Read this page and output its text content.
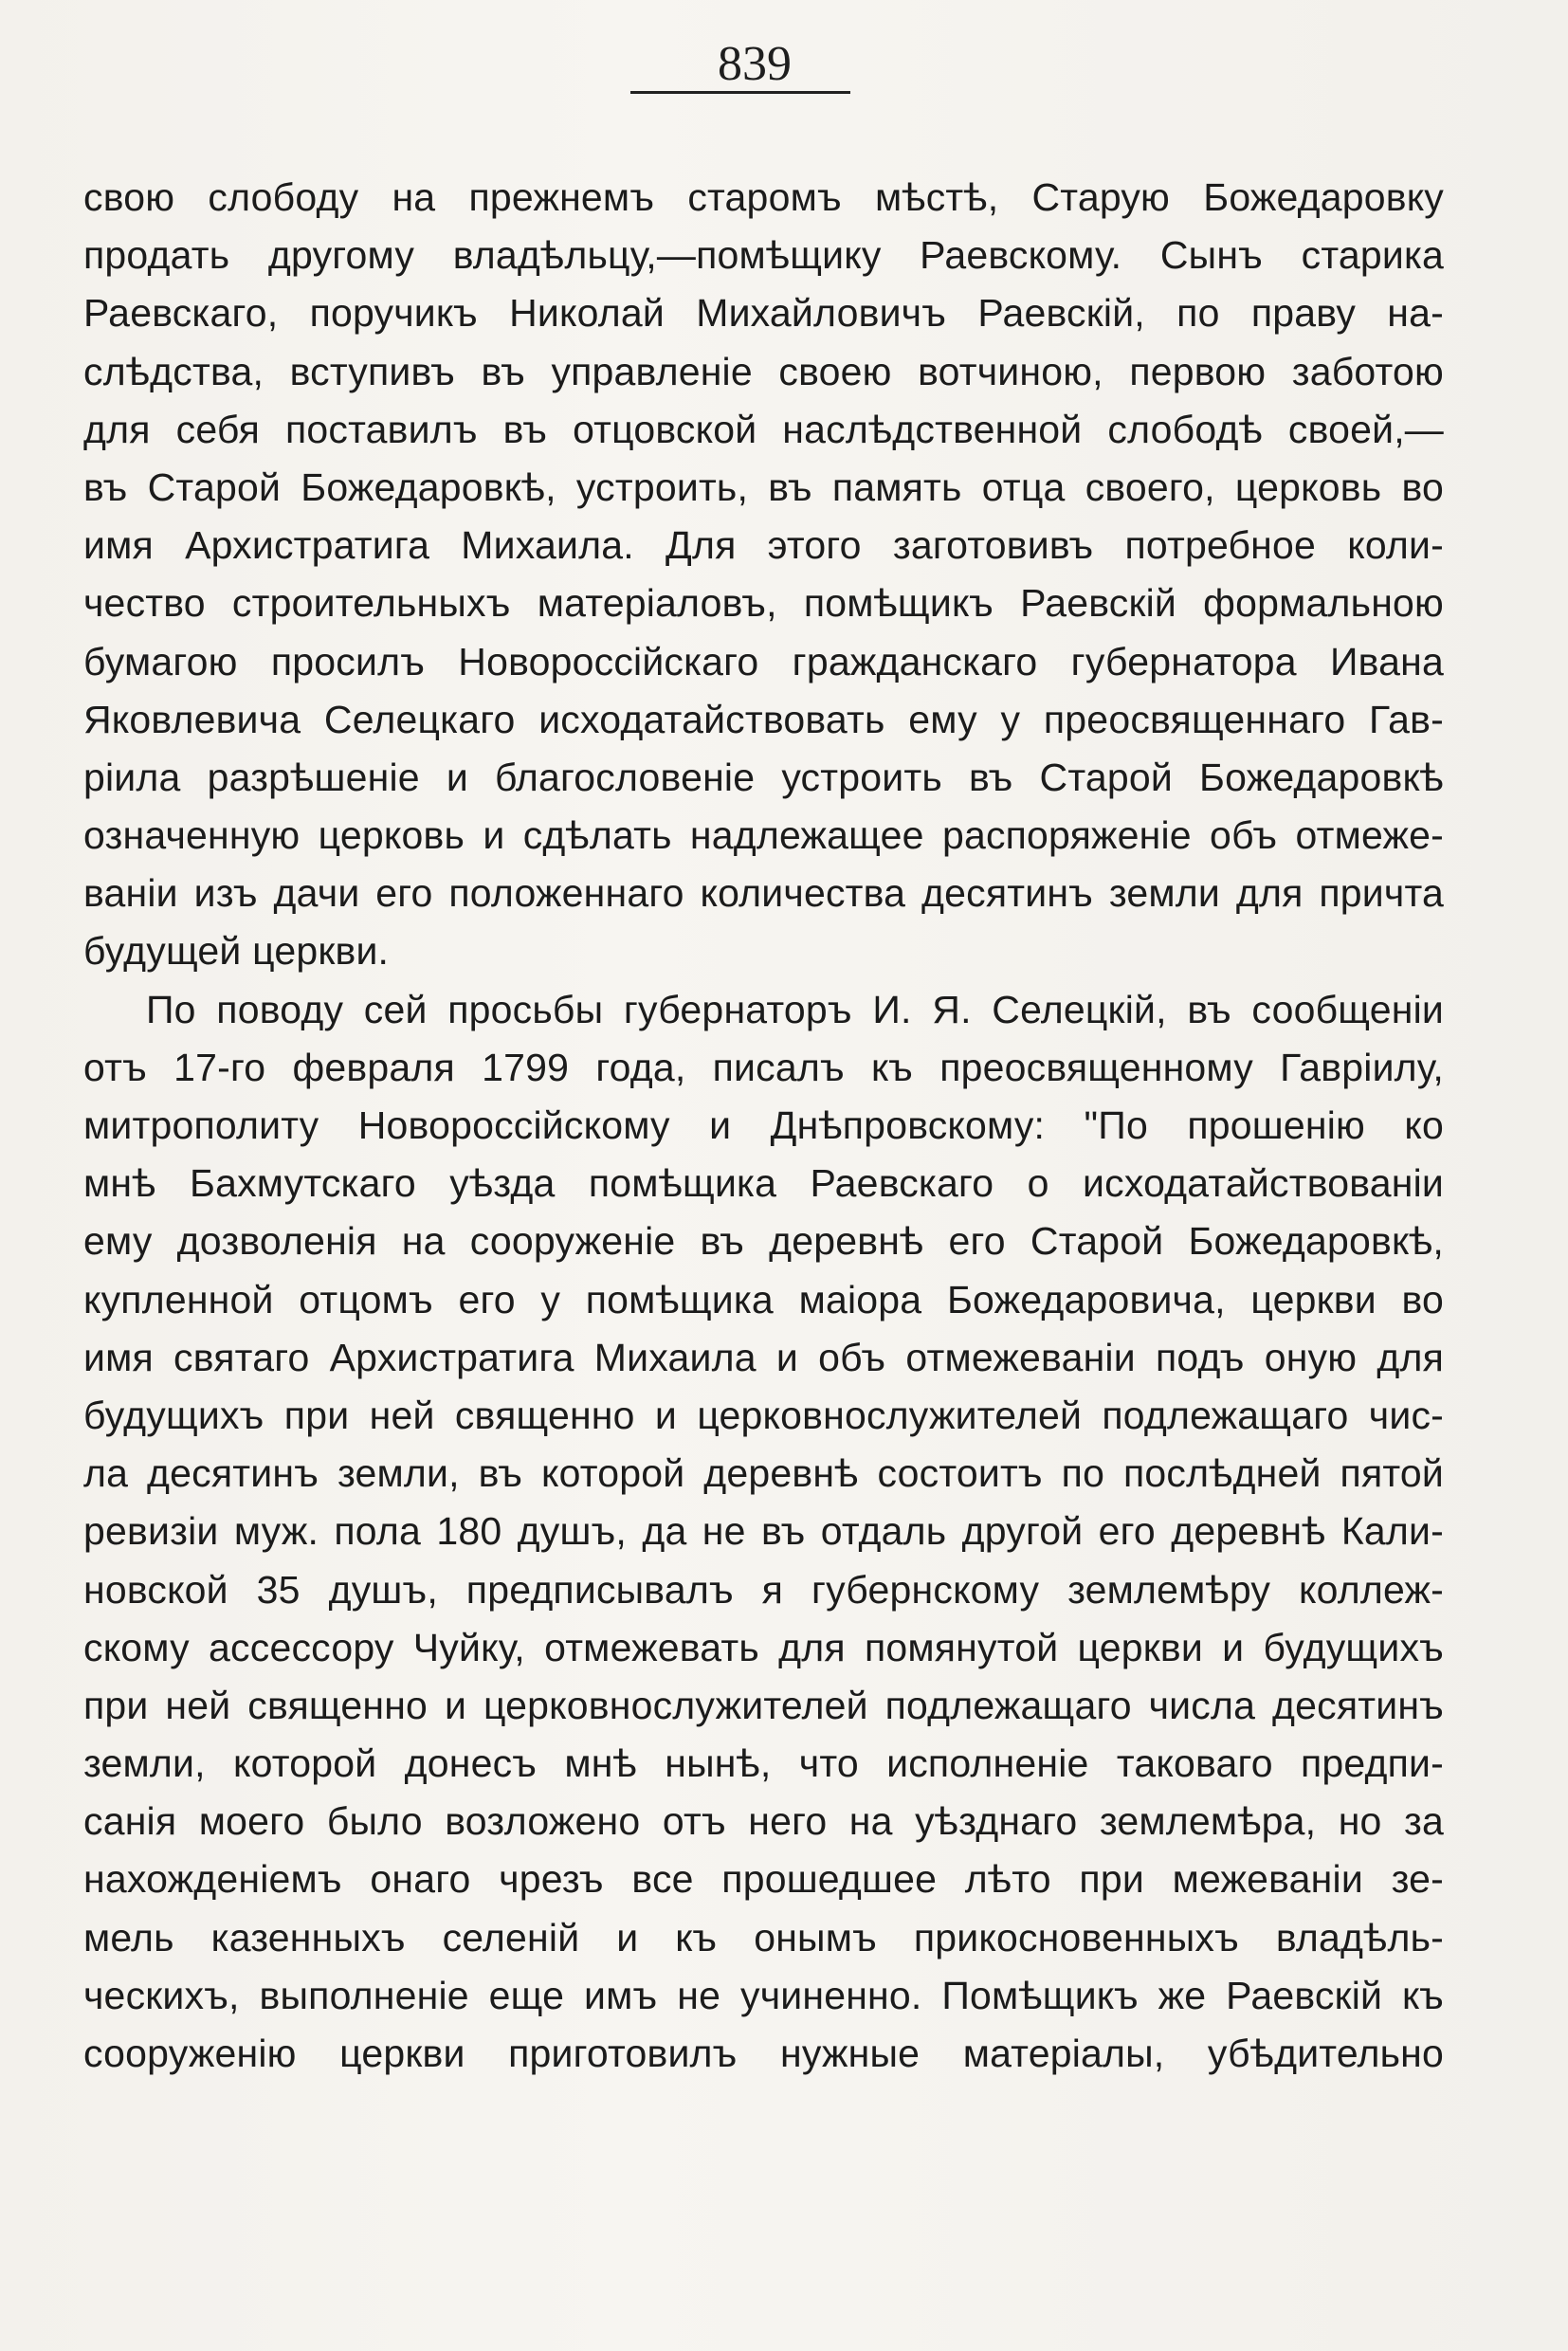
839
свою слободу на прежнемъ старомъ мѣстѣ, Старую Божедаровку
продать другому владѣльцу,—помѣщику Раевскому. Сынъ старика
Раевскаго, поручикъ Николай Михайловичъ Раевскій, по праву на-
слѣдства, вступивъ въ управленіе своею вотчиною, первою заботою
для себя поставилъ въ отцовской наслѣдственной слободѣ своей,—
въ Старой Божедаровкѣ, устроить, въ память отца своего, церковь во
имя Архистратига Михаила. Для этого заготовивъ потребное коли-
чество строительныхъ матеріаловъ, помѣщикъ Раевскій формальною
бумагою просилъ Новороссійскаго гражданскаго губернатора Ивана
Яковлевича Селецкаго исходатайствовать ему у преосвященнаго Гав-
ріила разрѣшеніе и благословеніе устроить въ Старой Божедаровкѣ
означенную церковь и сдѣлать надлежащее распоряженіе объ отмеже-
ваніи изъ дачи его положеннаго количества десятинъ земли для причта
будущей церкви.
По поводу сей просьбы губернаторъ И. Я. Селецкій, въ сообщеніи
отъ 17-го февраля 1799 года, писалъ къ преосвященному Гавріилу,
митрополиту Новороссійскому и Днѣпровскому: "По прошенію ко
мнѣ Бахмутскаго уѣзда помѣщика Раевскаго о исходатайствованіи
ему дозволенія на сооруженіе въ деревнѣ его Старой Божедаровкѣ,
купленной отцомъ его у помѣщика маіора Божедаровича, церкви во
имя святаго Архистратига Михаила и объ отмежеваніи подъ оную для
будущихъ при ней священно и церковнослужителей подлежащаго чис-
ла десятинъ земли, въ которой деревнѣ состоитъ по послѣдней пятой
ревизіи муж. пола 180 душъ, да не въ отдаль другой его деревнѣ Кали-
новской 35 душъ, предписывалъ я губернскому землемѣру коллеж-
скому ассессору Чуйку, отмежевать для помянутой церкви и будущихъ
при ней священно и церковнослужителей подлежащаго числа десятинъ
земли, которой донесъ мнѣ нынѣ, что исполненіе таковаго предпи-
санія моего было возложено отъ него на уѣзднаго землемѣра, но за
нахожденіемъ онаго чрезъ все прошедшее лѣто при межеваніи зе-
мель казенныхъ селеній и къ онымъ прикосновенныхъ владѣль-
ческихъ, выполненіе еще имъ не учиненно. Помѣщикъ же Раевскій къ
сооруженію церкви приготовилъ нужные матеріалы, убѣдительно
